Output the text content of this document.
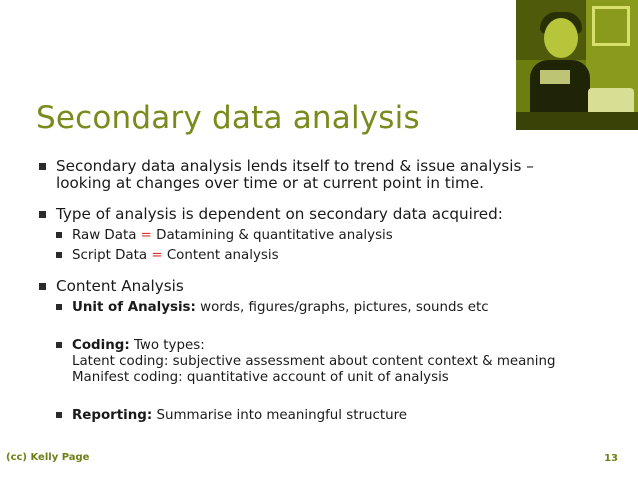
Secondary data analysis
Secondary data analysis lends itself to trend & issue analysis –
looking at changes over time or at current point in time.
Type of analysis is dependent on secondary data acquired:
Raw Data = Datamining & quantitative analysis
Script Data = Content analysis
Content Analysis
Unit of Analysis: words, figures/graphs, pictures, sounds etc
Coding: Two types:
Latent coding: subjective assessment about content context & meaning
Manifest coding: quantitative account of unit of analysis
Reporting: Summarise into meaningful structure
(cc) Kelly Page	13
